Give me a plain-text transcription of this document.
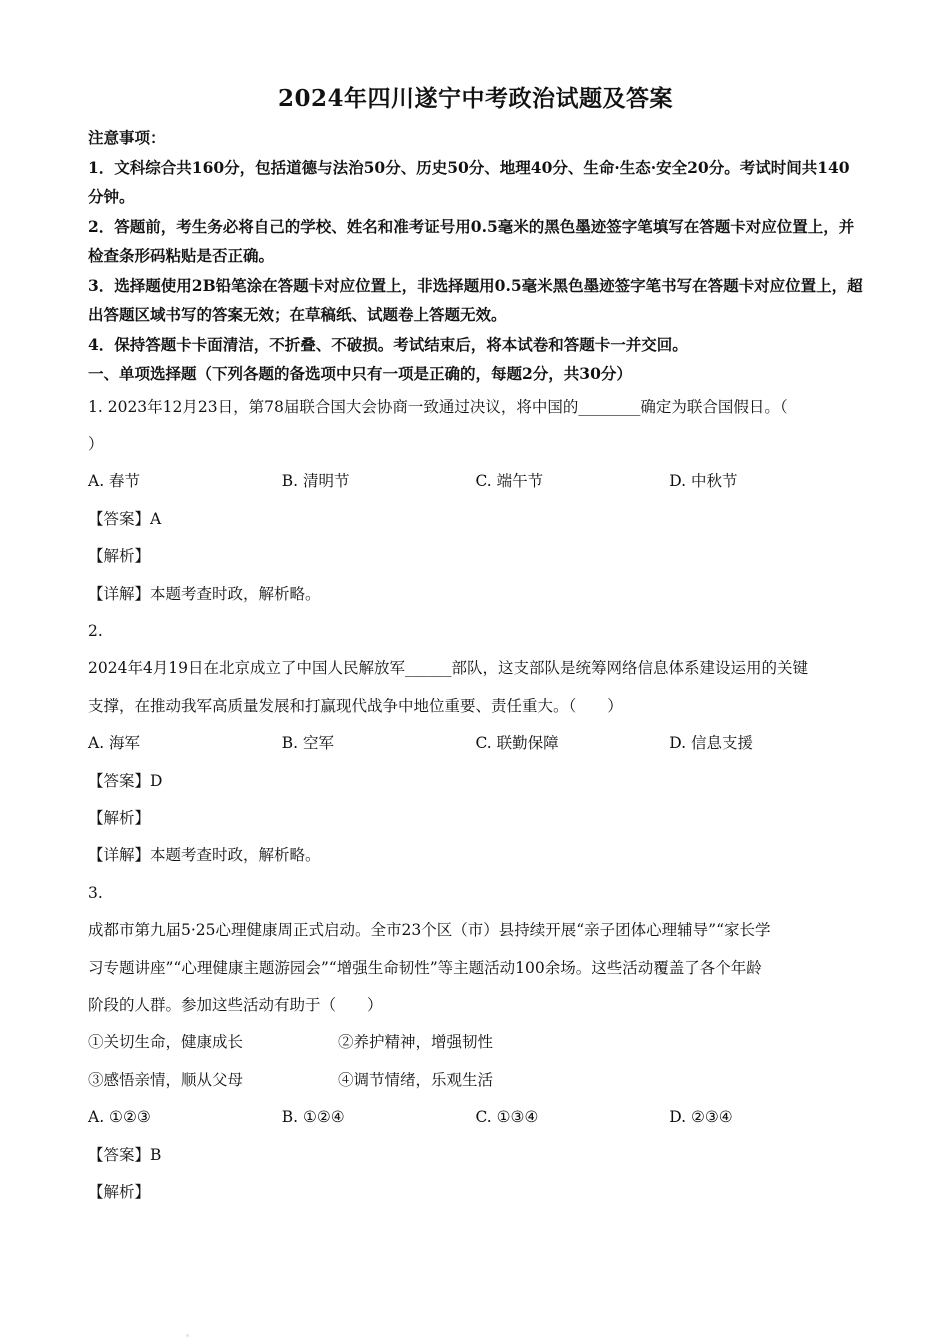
2024年四川遂宁中考政治试题及答案
注意事项：
1．文科综合共160分，包括道德与法治50分、历史50分、地理40分、生命·生态·安全20分。考试时间共140分钟。
2．答题前，考生务必将自己的学校、姓名和准考证号用0.5毫米的黑色墨迹签字笔填写在答题卡对应位置上，并检查条形码粘贴是否正确。
3．选择题使用2B铅笔涂在答题卡对应位置上，非选择题用0.5毫米黑色墨迹签字笔书写在答题卡对应位置上，超出答题区域书写的答案无效；在草稿纸、试题卷上答题无效。
4．保持答题卡卡面清洁，不折叠、不破损。考试结束后，将本试卷和答题卡一并交回。
一、单项选择题（下列各题的备选项中只有一项是正确的，每题2分，共30分）
1. 2023年12月23日，第78届联合国大会协商一致通过决议，将中国的________确定为联合国假日。（
）
A. 春节	B. 清明节	C. 端午节	D. 中秋节
【答案】A
【解析】
【详解】本题考查时政，解析略。
2.
2024年4月19日在北京成立了中国人民解放军______部队，这支部队是统筹网络信息体系建设运用的关键
支撑，在推动我军高质量发展和打赢现代战争中地位重要、责任重大。（　　）
A. 海军	B. 空军	C. 联勤保障	D. 信息支援
【答案】D
【解析】
【详解】本题考查时政，解析略。
3.
成都市第九届5·25心理健康周正式启动。全市23个区（市）县持续开展“亲子团体心理辅导”“家长学
习专题讲座”“心理健康主题游园会”“增强生命韧性”等主题活动100余场。这些活动覆盖了各个年龄
阶段的人群。参加这些活动有助于（　　）
①关切生命，健康成长	②养护精神，增强韧性
③感悟亲情，顺从父母	④调节情绪，乐观生活
A. ①②③	B. ①②④	C. ①③④	D. ②③④
【答案】B
【解析】
